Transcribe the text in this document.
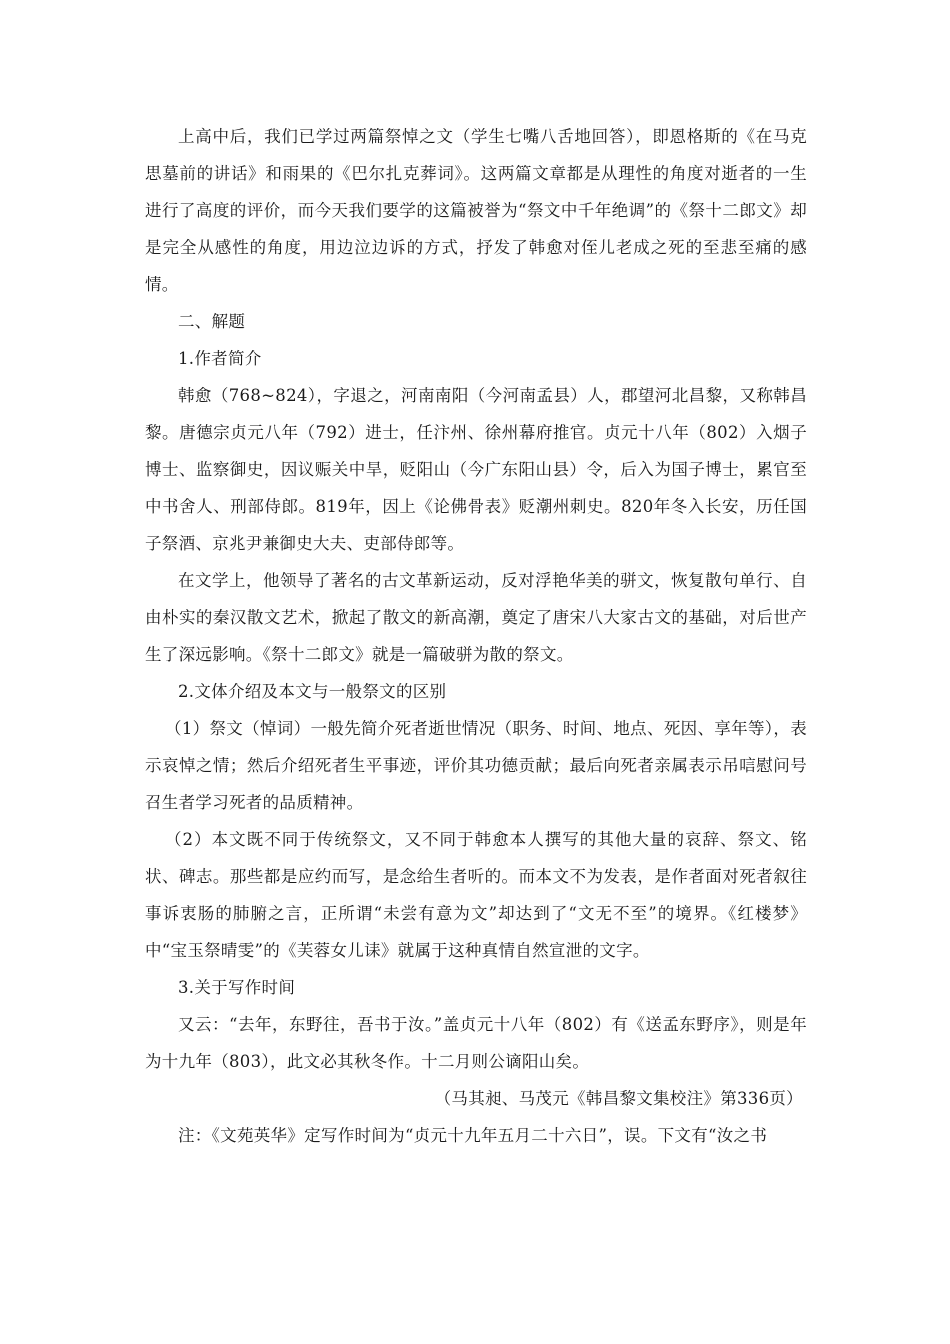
上高中后，我们已学过两篇祭悼之文（学生七嘴八舌地回答），即恩格斯的《在马克思墓前的讲话》和雨果的《巴尔扎克葬词》。这两篇文章都是从理性的角度对逝者的一生进行了高度的评价，而今天我们要学的这篇被誉为“祭文中千年绝调”的《祭十二郎文》却是完全从感性的角度，用边泣边诉的方式，抒发了韩愈对侄儿老成之死的至悲至痛的感情。

二、解题

1.作者简介

韩愈（768~824），字退之，河南南阳（今河南孟县）人，郡望河北昌黎，又称韩昌黎。唐德宗贞元八年（792）进士，任汴州、徐州幕府推官。贞元十八年（802）入烟子博士、监察御史，因议赈关中旱，贬阳山（今广东阳山县）令，后入为国子博士，累官至中书舍人、刑部侍郎。819年，因上《论佛骨表》贬潮州刺史。820年冬入长安，历任国子祭酒、京兆尹兼御史大夫、吏部侍郎等。

在文学上，他领导了著名的古文革新运动，反对浮艳华美的骈文，恢复散句单行、自由朴实的秦汉散文艺术，掀起了散文的新高潮，奠定了唐宋八大家古文的基础，对后世产生了深远影响。《祭十二郎文》就是一篇破骈为散的祭文。

2.文体介绍及本文与一般祭文的区别

（1）祭文（悼词）一般先简介死者逝世情况（职务、时间、地点、死因、享年等），表示哀悼之情；然后介绍死者生平事迹，评价其功德贡献；最后向死者亲属表示吊唁慰问号召生者学习死者的品质精神。

（2）本文既不同于传统祭文，又不同于韩愈本人撰写的其他大量的哀辞、祭文、铭状、碑志。那些都是应约而写，是念给生者听的。而本文不为发表，是作者面对死者叙往事诉衷肠的肺腑之言，正所谓“未尝有意为文”却达到了“文无不至”的境界。《红楼梦》中“宝玉祭晴雯”的《芙蓉女儿诔》就属于这种真情自然宣泄的文字。

3.关于写作时间

又云：“去年，东野往，吾书于汝。”盖贞元十八年（802）有《送孟东野序》，则是年为十九年（803），此文必其秋冬作。十二月则公谪阳山矣。

（马其昶、马茂元《韩昌黎文集校注》第336页）

注：《文苑英华》定写作时间为“贞元十九年五月二十六日”，误。下文有“汝之书
